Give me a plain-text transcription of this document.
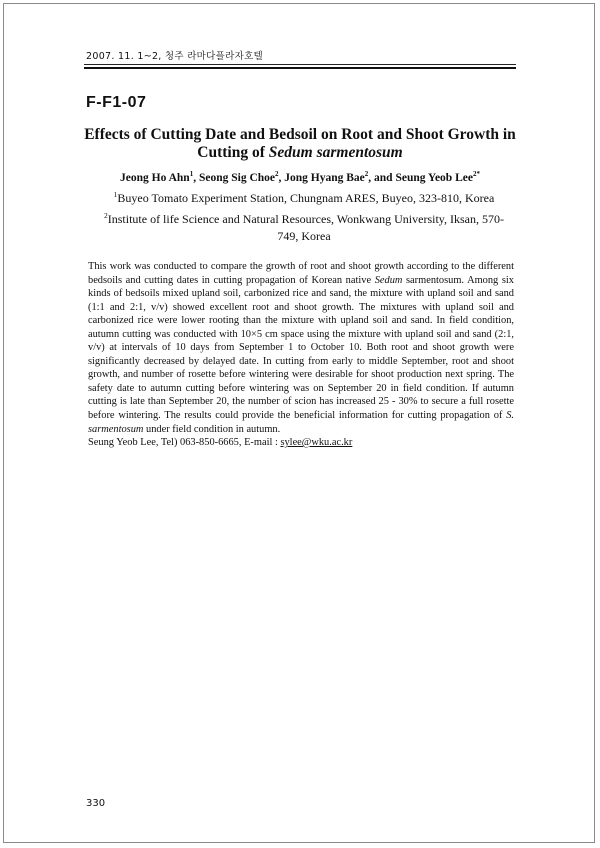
2007. 11. 1~2, 청주 라마다플라자호텔
F-F1-07
Effects of Cutting Date and Bedsoil on Root and Shoot Growth in
Cutting of Sedum sarmentosum
Jeong Ho Ahn$^1$, Seong Sig Choe$^2$, Jong Hyang Bae$^2$, and Seung Yeob Lee$^{2*}$
$^1$Buyeo Tomato Experiment Station, Chungnam ARES, Buyeo, 323-810, Korea $^2$Institute of life Science and Natural Resources, Wonkwang University, Iksan, 570-749, Korea
This work was conducted to compare the growth of root and shoot growth according to the different bedsoils and cutting dates in cutting propagation of Korean native Sedum sarmentosum. Among six kinds of bedsoils mixed upland soil, carbonized rice and sand, the mixture with upland soil and sand (1:1 and 2:1, v/v) showed excellent root and shoot growth. The mixtures with upland soil and carbonized rice were lower rooting than the mixture with upland soil and sand. In field condition, autumn cutting was conducted with 10×5 cm space using the mixture with upland soil and sand (2:1, v/v) at intervals of 10 days from September 1 to October 10. Both root and shoot growth were significantly decreased by delayed date. In cutting from early to middle September, root and shoot growth, and number of rosette before wintering were desirable for shoot production next spring. The safety date to autumn cutting before wintering was on September 20 in field condition. If autumn cutting is late than September 20, the number of scion has increased 25 - 30% to secure a full rosette before wintering. The results could provide the beneficial information for cutting propagation of S. sarmentosum under field condition in autumn.
Seung Yeob Lee, Tel) 063-850-6665, E-mail : sylee@wku.ac.kr
330
